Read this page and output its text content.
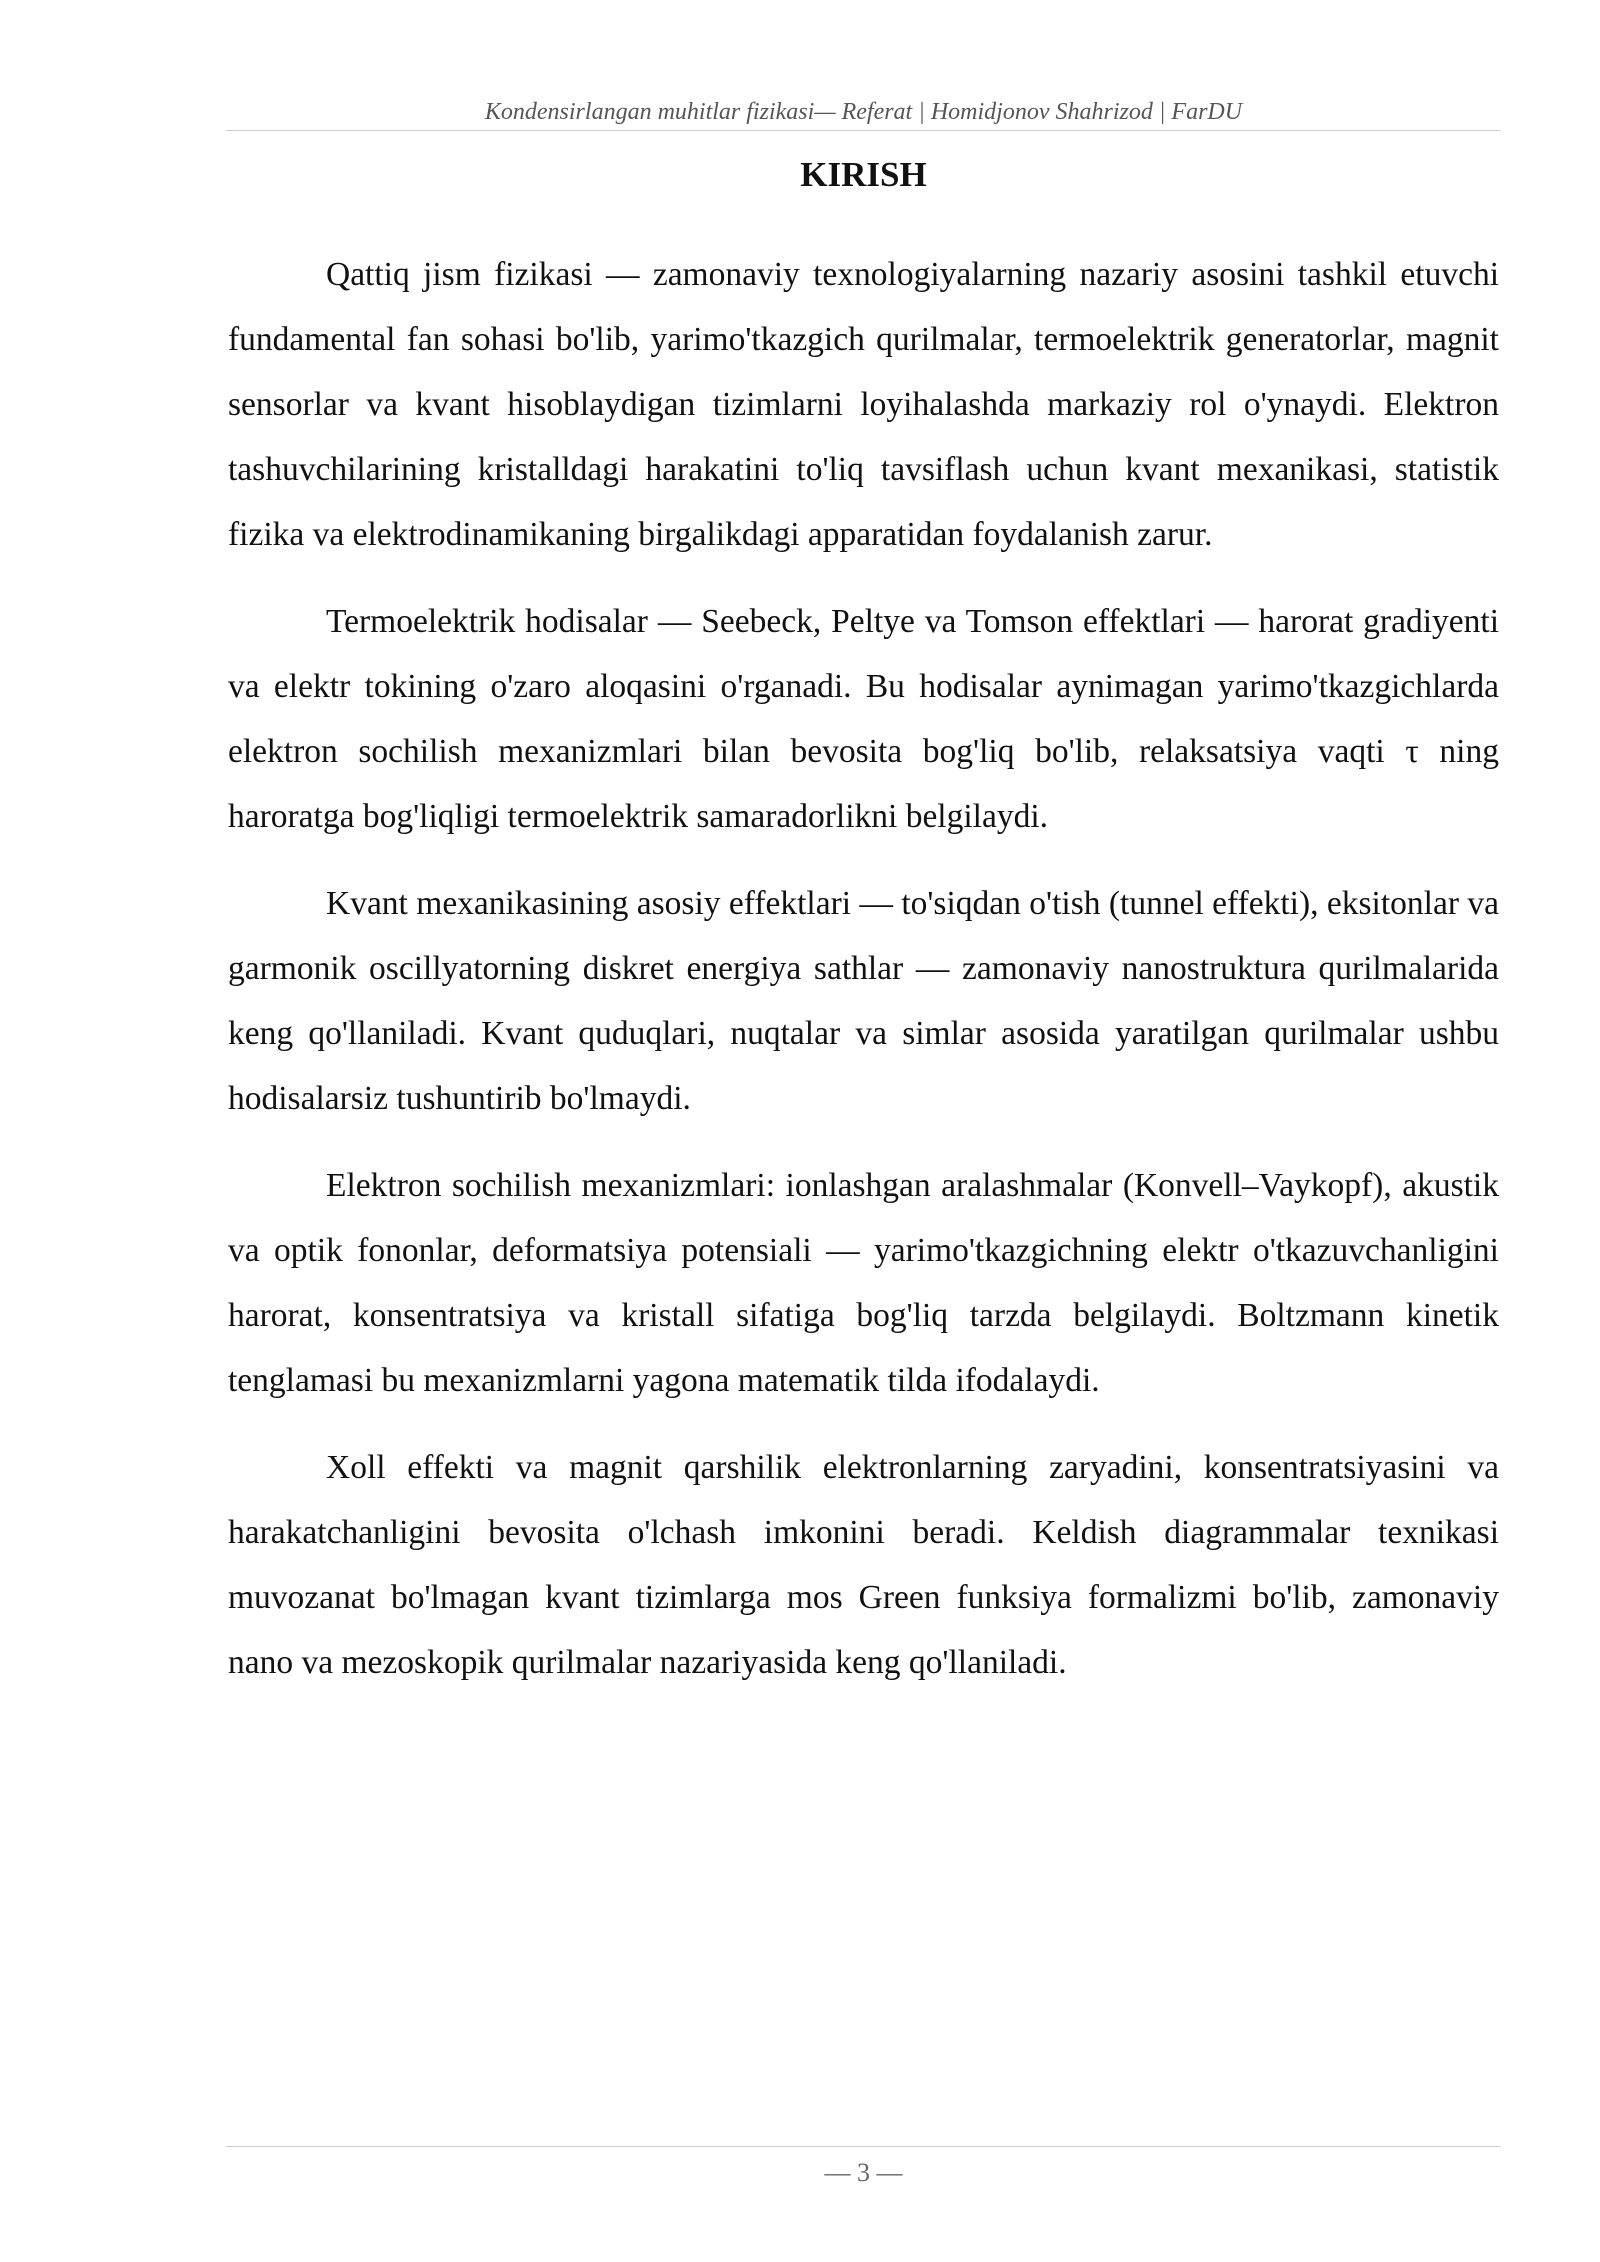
Kondensirlangan muhitlar fizikasi— Referat | Homidjonov Shahrizod | FarDU
KIRISH

Qattiq jism fizikasi — zamonaviy texnologiyalarning nazariy asosini tashkil etuvchi fundamental fan sohasi bo'lib, yarimo'tkazgich qurilmalar, termoelektrik generatorlar, magnit sensorlar va kvant hisoblaydigan tizimlarni loyihalashda markaziy rol o'ynaydi. Elektron tashuvchilarining kristalldagi harakatini to'liq tavsiflash uchun kvant mexanikasi, statistik fizika va elektrodinamikaning birgalikdagi apparatidan foydalanish zarur.

Termoelektrik hodisalar — Seebeck, Peltye va Tomson effektlari — harorat gradiyenti va elektr tokining o'zaro aloqasini o'rganadi. Bu hodisalar aynimagan yarimo'tkazgichlarda elektron sochilish mexanizmlari bilan bevosita bog'liq bo'lib, relaksatsiya vaqti τ ning haroratga bog'liqligi termoelektrik samaradorlikni belgilaydi.

Kvant mexanikasining asosiy effektlari — to'siqdan o'tish (tunnel effekti), eksitonlar va garmonik oscillyatorning diskret energiya sathlar — zamonaviy nanostruktura qurilmalarida keng qo'llaniladi. Kvant quduqlari, nuqtalar va simlar asosida yaratilgan qurilmalar ushbu hodisalarsiz tushuntirib bo'lmaydi.

Elektron sochilish mexanizmlari: ionlashgan aralashmalar (Konvell–Vaykopf), akustik va optik fononlar, deformatsiya potensiali — yarimo'tkazgichning elektr o'tkazuvchanligini harorat, konsentratsiya va kristall sifatiga bog'liq tarzda belgilaydi. Boltzmann kinetik tenglamasi bu mexanizmlarni yagona matematik tilda ifodalaydi.

Xoll effekti va magnit qarshilik elektronlarning zaryadini, konsentratsiyasini va harakatchanligini bevosita o'lchash imkonini beradi. Keldish diagrammalar texnikasi muvozanat bo'lmagan kvant tizimlarga mos Green funksiya formalizmi bo'lib, zamonaviy nano va mezoskopik qurilmalar nazariyasida keng qo'llaniladi.

— 3 —
